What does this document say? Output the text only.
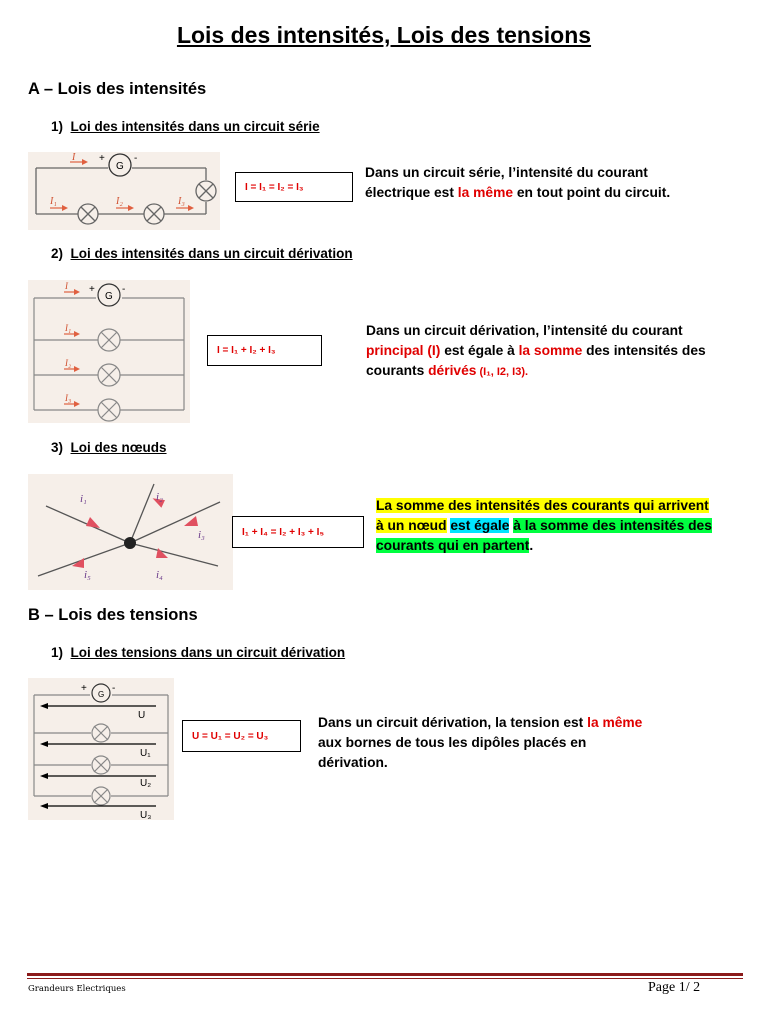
Lois des intensités, Lois des tensions
A – Lois des intensités
1) Loi des intensités dans un circuit série
I
I₁	I₂	I₃
G
+	-
I = I₁ = I₂ = I₃
Dans un circuit série, l’intensité du courant électrique est la même en tout point du circuit.
2) Loi des intensités dans un circuit dérivation
I
I₁
I₂
I₃
G
+	-
I = I₁ + I₂ + I₃
Dans un circuit dérivation, l’intensité du courant principal (I) est égale à la somme des intensités des courants dérivés (I₁, I2, I3).
3) Loi des nœuds
i₁	i₂
i₃
i₄
i₅
I₁ + I₄ = I₂ + I₃ + I₅
La somme des intensités des courants qui arrivent à un nœud est égale à la somme des intensités des courants qui en partent.
B – Lois des tensions
1) Loi des tensions dans un circuit dérivation
G
+	-
U
U₁
U₂
U₃
U = U₁ = U₂ = U₃
Dans un circuit dérivation, la tension est la même aux bornes de tous les dipôles placés en dérivation.
Grandeurs Electriques	Page 1/ 2
